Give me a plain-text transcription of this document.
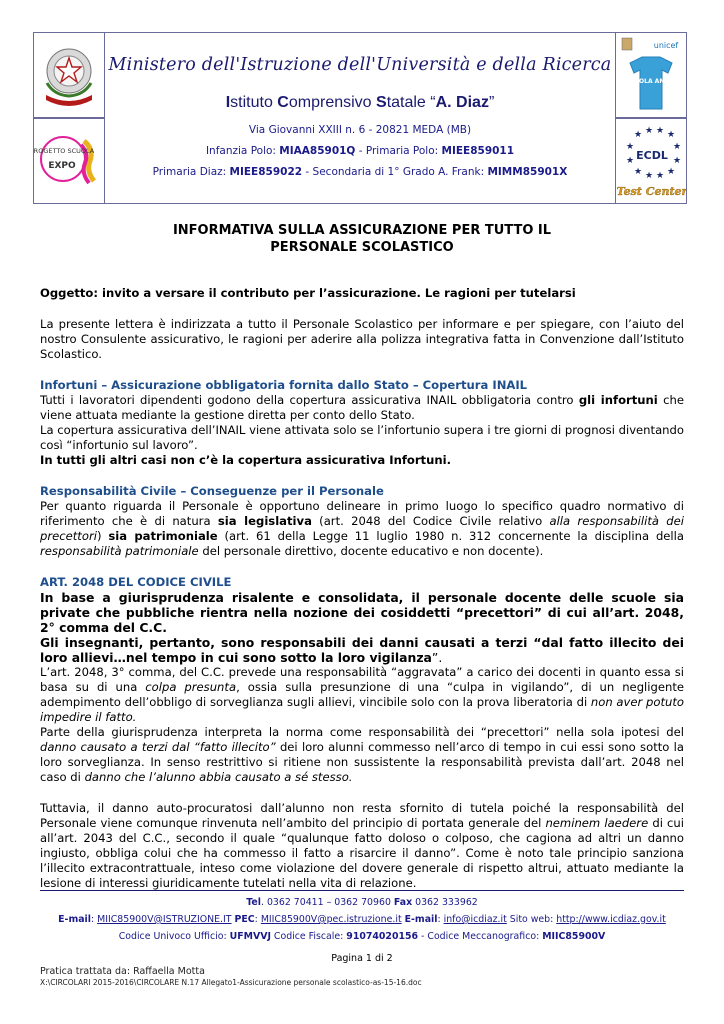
PROGETTO SCUOLA
EXPO
unicef
SCUOLA AMICA
★ ★ ★ ★
★	★
★	★
★ ★ ★ ★
ECDL
Test Center
Ministero dell'Istruzione dell'Università e della Ricerca
Istituto Comprensivo Statale “A. Diaz”
Via Giovanni XXIII n. 6 - 20821 MEDA (MB)
Infanzia Polo: MIAA85901Q - Primaria Polo: MIEE859011
Primaria Diaz: MIEE859022 - Secondaria di 1° Grado A. Frank: MIMM85901X
INFORMATIVA SULLA ASSICURAZIONE PER TUTTO IL
PERSONALE SCOLASTICO

Oggetto: invito a versare il contributo per l’assicurazione. Le ragioni per tutelarsi

La presente lettera è indirizzata a tutto il Personale Scolastico per informare e per spiegare, con l’aiuto del nostro Consulente assicurativo, le ragioni per aderire alla polizza integrativa fatta in Convenzione dall’Istituto Scolastico.

Infortuni – Assicurazione obbligatoria fornita dallo Stato – Copertura INAIL

Tutti i lavoratori dipendenti godono della copertura assicurativa INAIL obbligatoria contro gli infortuni che viene attuata mediante la gestione diretta per conto dello Stato.

La copertura assicurativa dell’INAIL viene attivata solo se l’infortunio supera i tre giorni di prognosi diventando così “infortunio sul lavoro”.

In tutti gli altri casi non c’è la copertura assicurativa Infortuni.

Responsabilità Civile – Conseguenze per il Personale

Per quanto riguarda il Personale è opportuno delineare in primo luogo lo specifico quadro normativo di riferimento che è di natura sia legislativa (art. 2048 del Codice Civile relativo alla responsabilità dei precettori) sia patrimoniale (art. 61 della Legge 11 luglio 1980 n. 312 concernente la disciplina della responsabilità patrimoniale del personale direttivo, docente educativo e non docente).

ART. 2048 DEL CODICE CIVILE

In base a giurisprudenza risalente e consolidata, il personale docente delle scuole sia private che pubbliche rientra nella nozione dei cosiddetti “precettori” di cui all’art. 2048, 2° comma del C.C.

Gli insegnanti, pertanto, sono responsabili dei danni causati a terzi “dal fatto illecito dei loro allievi…nel tempo in cui sono sotto la loro vigilanza”.

L’art. 2048, 3° comma, del C.C. prevede una responsabilità “aggravata” a carico dei docenti in quanto essa si basa su di una colpa presunta, ossia sulla presunzione di una “culpa in vigilando”, di un negligente adempimento dell’obbligo di sorveglianza sugli allievi, vincibile solo con la prova liberatoria di non aver potuto impedire il fatto.

Parte della giurisprudenza interpreta la norma come responsabilità dei “precettori” nella sola ipotesi del danno causato a terzi dal “fatto illecito” dei loro alunni commesso nell’arco di tempo in cui essi sono sotto la loro sorveglianza. In senso restrittivo si ritiene non sussistente la responsabilità prevista dall’art. 2048 nel caso di danno che l’alunno abbia causato a sé stesso.

Tuttavia, il danno auto-procuratosi dall’alunno non resta sfornito di tutela poiché la responsabilità del Personale viene comunque rinvenuta nell’ambito del principio di portata generale del neminem laedere di cui all’art. 2043 del C.C., secondo il quale “qualunque fatto doloso o colposo, che cagiona ad altri un danno ingiusto, obbliga colui che ha commesso il fatto a risarcire il danno”. Come è noto tale principio sanziona l’illecito extracontrattuale, inteso come violazione del dovere generale di rispetto altrui, attuato mediante la lesione di interessi giuridicamente tutelati nella vita di relazione.

Tel. 0362 70411 – 0362 70960 Fax 0362 333962
E-mail: MIIC85900V@ISTRUZIONE.IT PEC: MIIC85900V@pec.istruzione.it E-mail: info@icdiaz.it Sito web: http://www.icdiaz.gov.it
Codice Univoco Ufficio: UFMVVJ Codice Fiscale: 91074020156 - Codice Meccanografico: MIIC85900V
Pagina 1 di 2
Pratica trattata da: Raffaella Motta
X:\CIRCOLARI 2015-2016\CIRCOLARE N.17 Allegato1-Assicurazione personale scolastico-as-15-16.doc
